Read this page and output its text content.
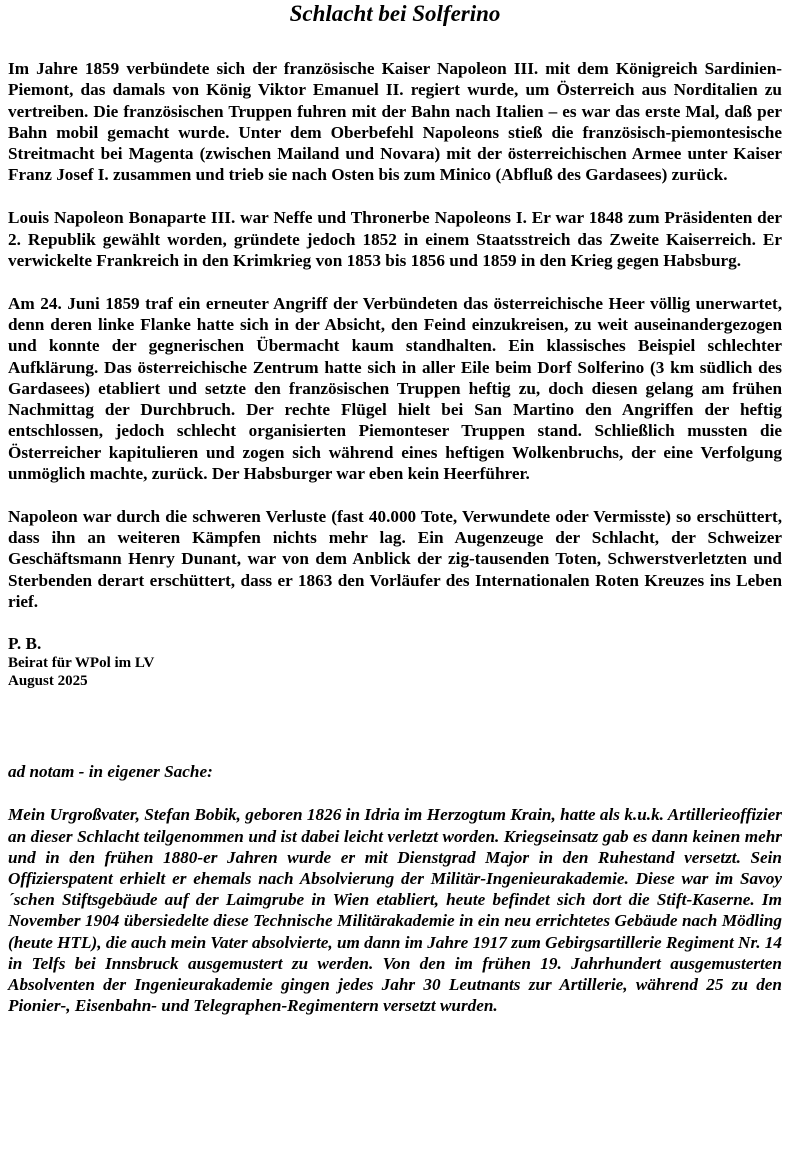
Schlacht bei Solferino

Im Jahre 1859 verbündete sich der französische Kaiser Napoleon III. mit dem Königreich Sardinien-Piemont, das damals von König Viktor Emanuel II. regiert wurde, um Österreich aus Norditalien zu vertreiben. Die französischen Truppen fuhren mit der Bahn nach Italien – es war das erste Mal, daß per Bahn mobil gemacht wurde. Unter dem Oberbefehl Napoleons stieß die französisch-piemontesische Streitmacht bei Magenta (zwischen Mailand und Novara) mit der österreichischen Armee unter Kaiser Franz Josef I. zusammen und trieb sie nach Osten bis zum Minico (Abfluß des Gardasees) zurück.

Louis Napoleon Bonaparte III. war Neffe und Thronerbe Napoleons I. Er war 1848 zum Präsidenten der 2. Republik gewählt worden, gründete jedoch 1852 in einem Staatsstreich das Zweite Kaiserreich. Er verwickelte Frankreich in den Krimkrieg von 1853 bis 1856 und 1859 in den Krieg gegen Habsburg.

Am 24. Juni 1859 traf ein erneuter Angriff der Verbündeten das österreichische Heer völlig unerwartet, denn deren linke Flanke hatte sich in der Absicht, den Feind einzukreisen, zu weit auseinandergezogen und konnte der gegnerischen Übermacht kaum standhalten. Ein klassisches Beispiel schlechter Aufklärung. Das österreichische Zentrum hatte sich in aller Eile beim Dorf Solferino (3 km südlich des Gardasees) etabliert und setzte den französischen Truppen heftig zu, doch diesen gelang am frühen Nachmittag der Durchbruch. Der rechte Flügel hielt bei San Martino den Angriffen der heftig entschlossen, jedoch schlecht organisierten Piemonteser Truppen stand. Schließlich mussten die Österreicher kapitulieren und zogen sich während eines heftigen Wolkenbruchs, der eine Verfolgung unmöglich machte, zurück. Der Habsburger war eben kein Heerführer.

Napoleon war durch die schweren Verluste (fast 40.000 Tote, Verwundete oder Vermisste) so erschüttert, dass ihn an weiteren Kämpfen nichts mehr lag. Ein Augenzeuge der Schlacht, der Schweizer Geschäftsmann Henry Dunant, war von dem Anblick der zig-tausenden Toten, Schwerstverletzten und Sterbenden derart erschüttert, dass er 1863 den Vorläufer des Internationalen Roten Kreuzes ins Leben rief.

P. B.
Beirat für WPol im LV
August 2025

ad notam - in eigener Sache:

Mein Urgroßvater, Stefan Bobik, geboren 1826 in Idria im Herzogtum Krain, hatte als k.u.k. Artillerieoffizier an dieser Schlacht teilgenommen und ist dabei leicht verletzt worden. Kriegseinsatz gab es dann keinen mehr und in den frühen 1880-er Jahren wurde er mit Dienstgrad Major in den Ruhestand versetzt. Sein Offizierspatent erhielt er ehemals nach Absolvierung der Militär-Ingenieurakademie. Diese war im Savoy´schen Stiftsgebäude auf der Laimgrube in Wien etabliert, heute befindet sich dort die Stift-Kaserne. Im November 1904 übersiedelte diese Technische Militärakademie in ein neu errichtetes Gebäude nach Mödling (heute HTL), die auch mein Vater absolvierte, um dann im Jahre 1917 zum Gebirgsartillerie Regiment Nr. 14 in Telfs bei Innsbruck ausgemustert zu werden. Von den im frühen 19. Jahrhundert ausgemusterten Absolventen der Ingenieurakademie gingen jedes Jahr 30 Leutnants zur Artillerie, während 25 zu den Pionier-, Eisenbahn- und Telegraphen-Regimentern versetzt wurden.
